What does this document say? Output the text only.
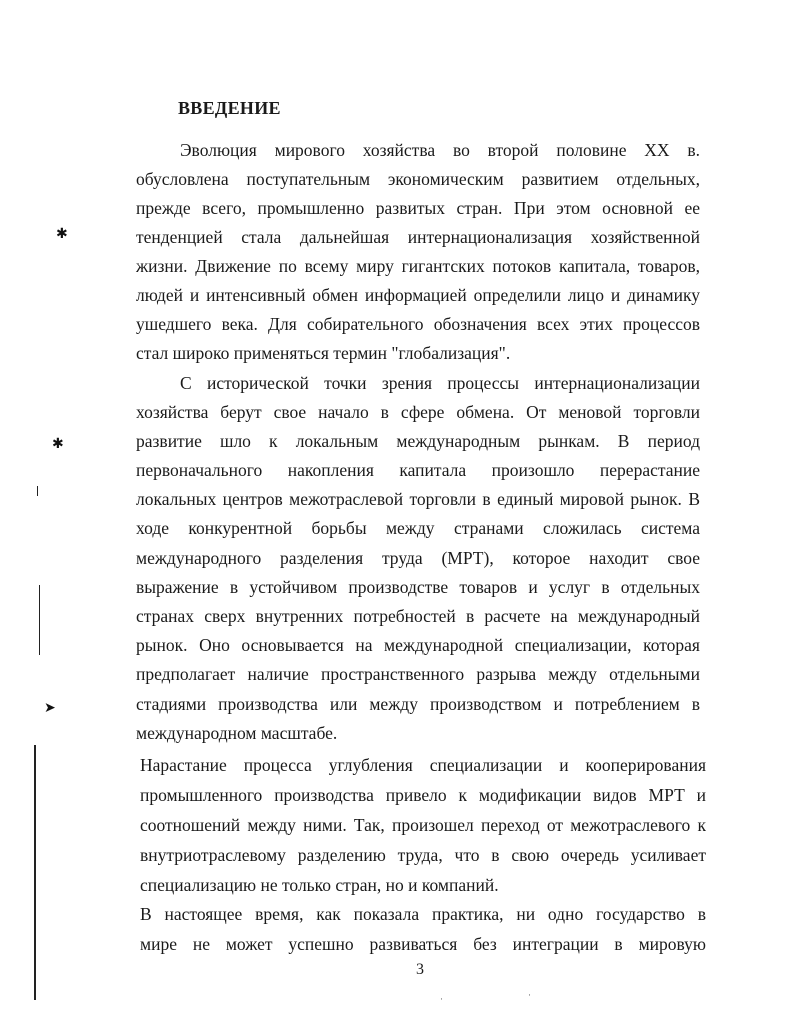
ВВЕДЕНИЕ
Эволюция мирового хозяйства во второй половине XX в.
обусловлена поступательным экономическим развитием отдельных,
прежде всего, промышленно развитых стран. При этом основной ее
тенденцией стала дальнейшая интернационализация хозяйственной
жизни. Движение по всему миру гигантских потоков капитала, товаров,
людей и интенсивный обмен информацией определили лицо и динамику
ушедшего века. Для собирательного обозначения всех этих процессов
стал широко применяться термин "глобализация".
С исторической точки зрения процессы интернационализации
хозяйства берут свое начало в сфере обмена. От меновой торговли
развитие шло к локальным международным рынкам. В период
первоначального накопления капитала произошло перерастание
локальных центров межотраслевой торговли в единый мировой рынок. В
ходе конкурентной борьбы между странами сложилась система
международного разделения труда (МРТ), которое находит свое
выражение в устойчивом производстве товаров и услуг в отдельных
странах сверх внутренних потребностей в расчете на международный
рынок. Оно основывается на международной специализации, которая
предполагает наличие пространственного разрыва между отдельными
стадиями производства или между производством и потреблением в
международном масштабе.
Нарастание процесса углубления специализации и кооперирования
промышленного производства привело к модификации видов МРТ и
соотношений между ними. Так, произошел переход от межотраслевого к
внутриотраслевому разделению труда, что в свою очередь усиливает
специализацию не только стран, но и компаний.
В настоящее время, как показала практика, ни одно государство в
мире не может успешно развиваться без интеграции в мировую
3
✱
✱
➤
·	·
